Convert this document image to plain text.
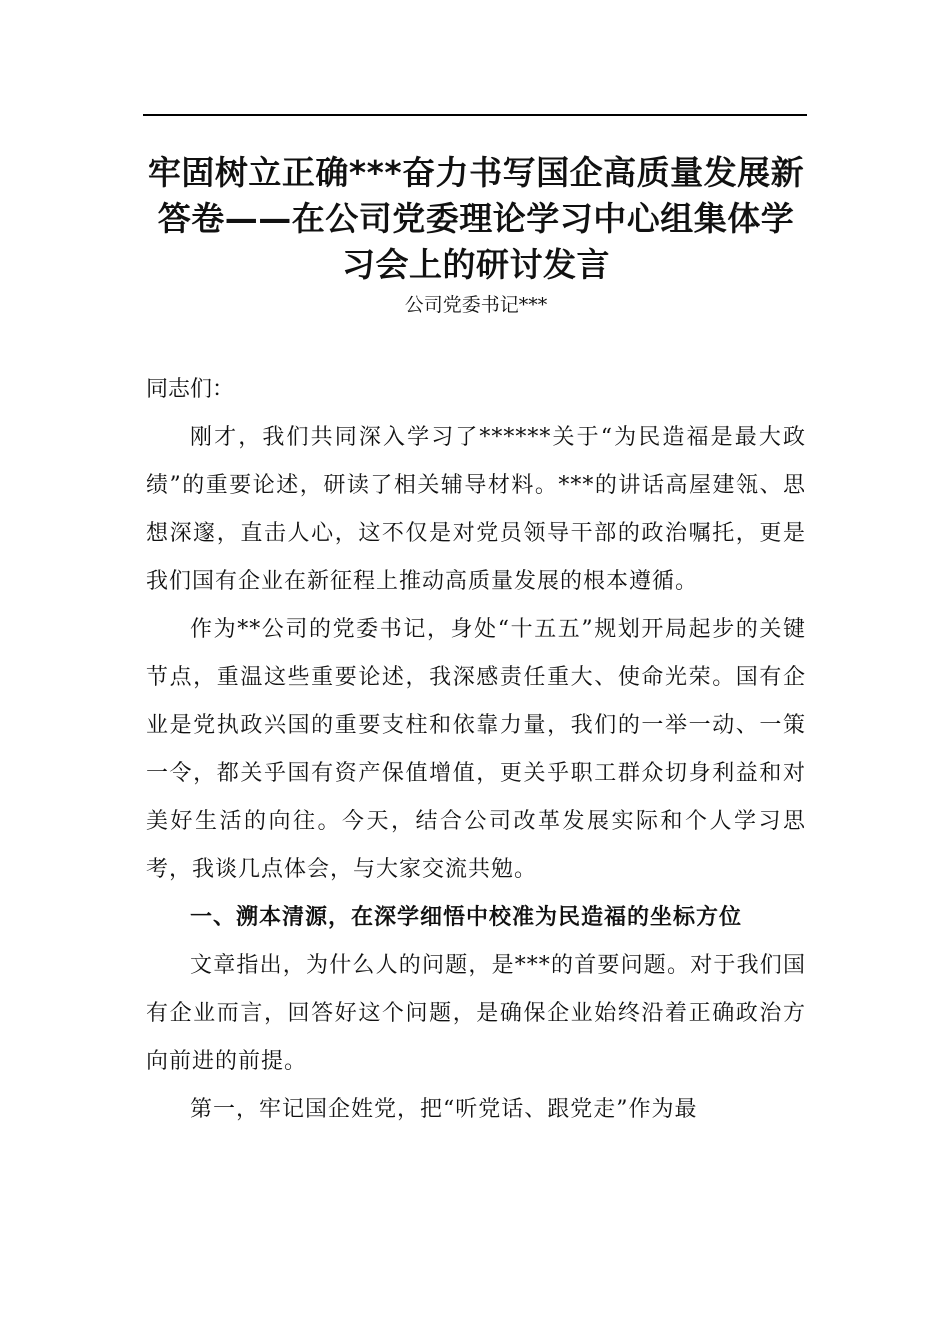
牢固树立正确***奋力书写国企高质量发展新答卷——在公司党委理论学习中心组集体学习会上的研讨发言

公司党委书记***

同志们：

刚才，我们共同深入学习了******关于“为民造福是最大政绩”的重要论述，研读了相关辅导材料。***的讲话高屋建瓴、思想深邃，直击人心，这不仅是对党员领导干部的政治嘱托，更是我们国有企业在新征程上推动高质量发展的根本遵循。

作为**公司的党委书记，身处“十五五”规划开局起步的关键节点，重温这些重要论述，我深感责任重大、使命光荣。国有企业是党执政兴国的重要支柱和依靠力量，我们的一举一动、一策一令，都关乎国有资产保值增值，更关乎职工群众切身利益和对美好生活的向往。今天，结合公司改革发展实际和个人学习思考，我谈几点体会，与大家交流共勉。

一、溯本清源，在深学细悟中校准为民造福的坐标方位

文章指出，为什么人的问题，是***的首要问题。对于我们国有企业而言，回答好这个问题，是确保企业始终沿着正确政治方向前进的前提。

第一，牢记国企姓党，把“听党话、跟党走”作为最
